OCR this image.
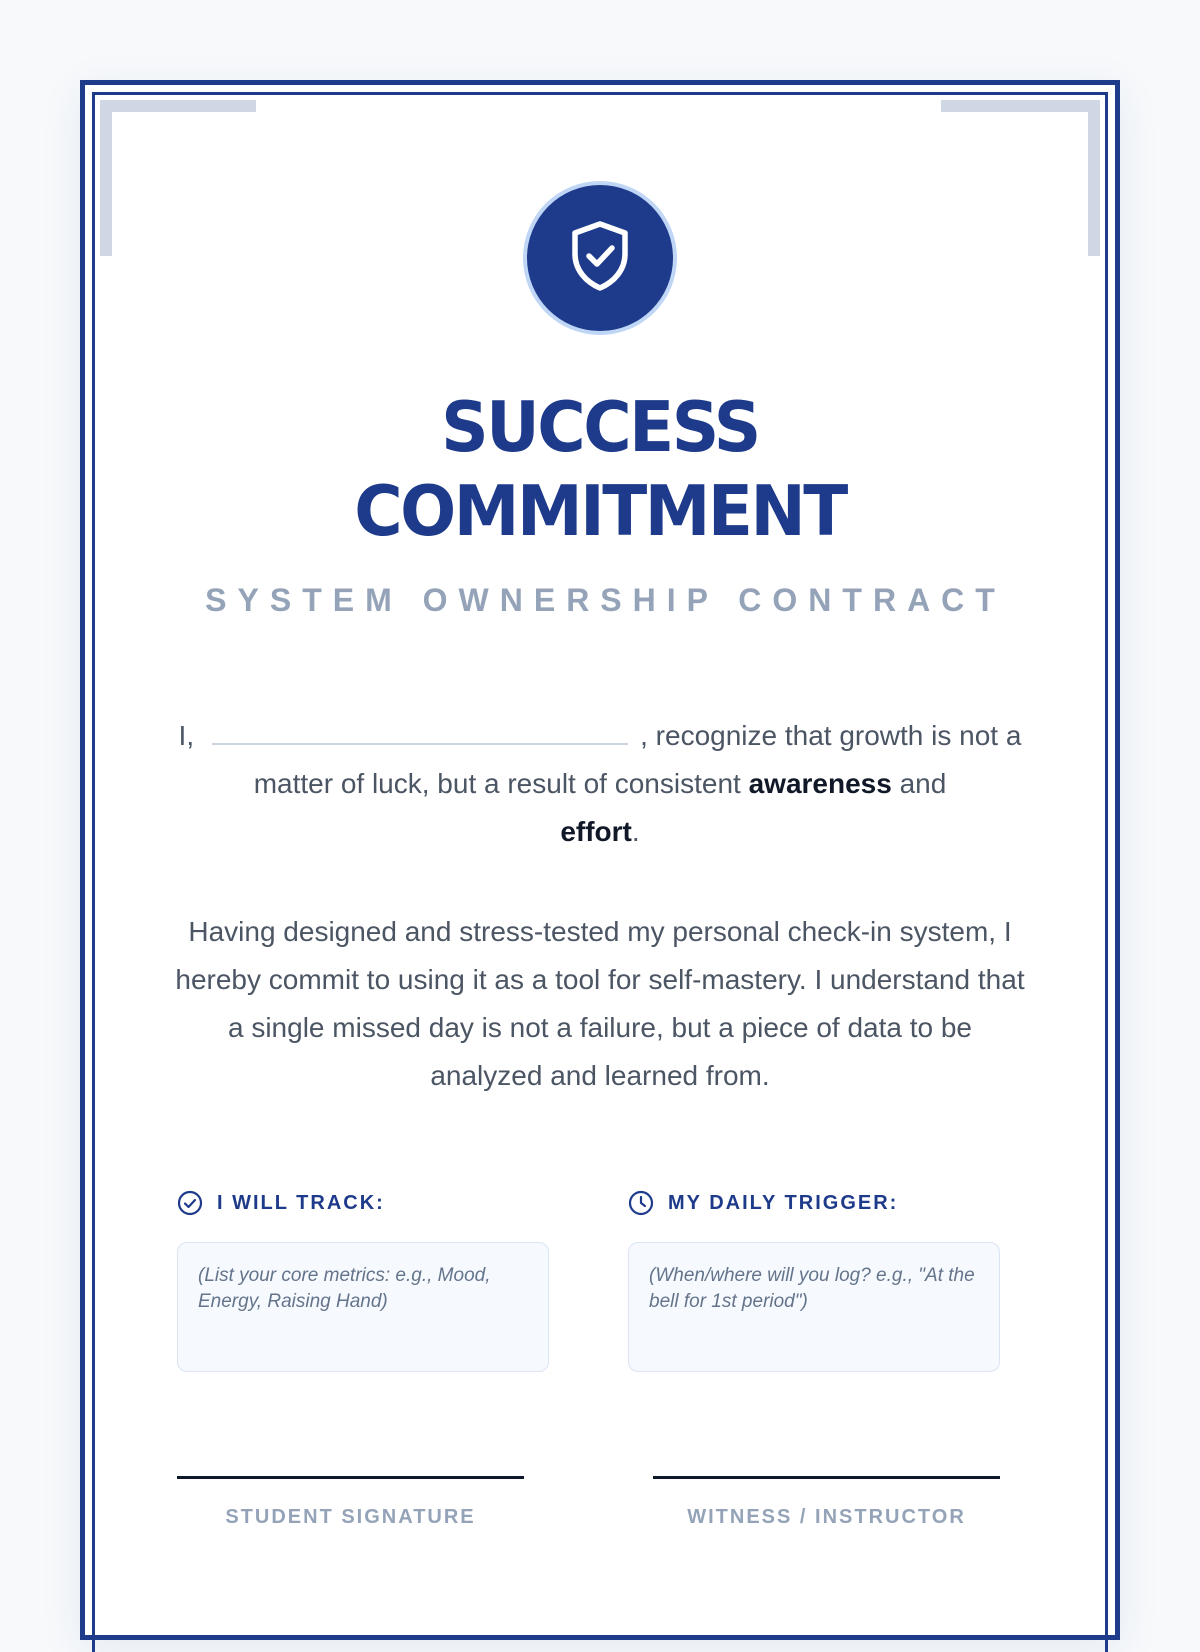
SUCCESS
COMMITMENT
SYSTEM OWNERSHIP CONTRACT

I,	, recognize that growth is not a matter of luck, but a result of consistent awareness and
effort.

Having designed and stress-tested my personal check-in system, I hereby commit to using it as a tool for self-mastery. I understand that a single missed day is not a failure, but a piece of data to be analyzed and learned from.

I WILL TRACK:	MY DAILY TRIGGER:
(List your core metrics: e.g., Mood, Energy, Raising Hand)
(When/where will you log? e.g., "At the bell for 1st period")
STUDENT SIGNATURE	WITNESS / INSTRUCTOR
